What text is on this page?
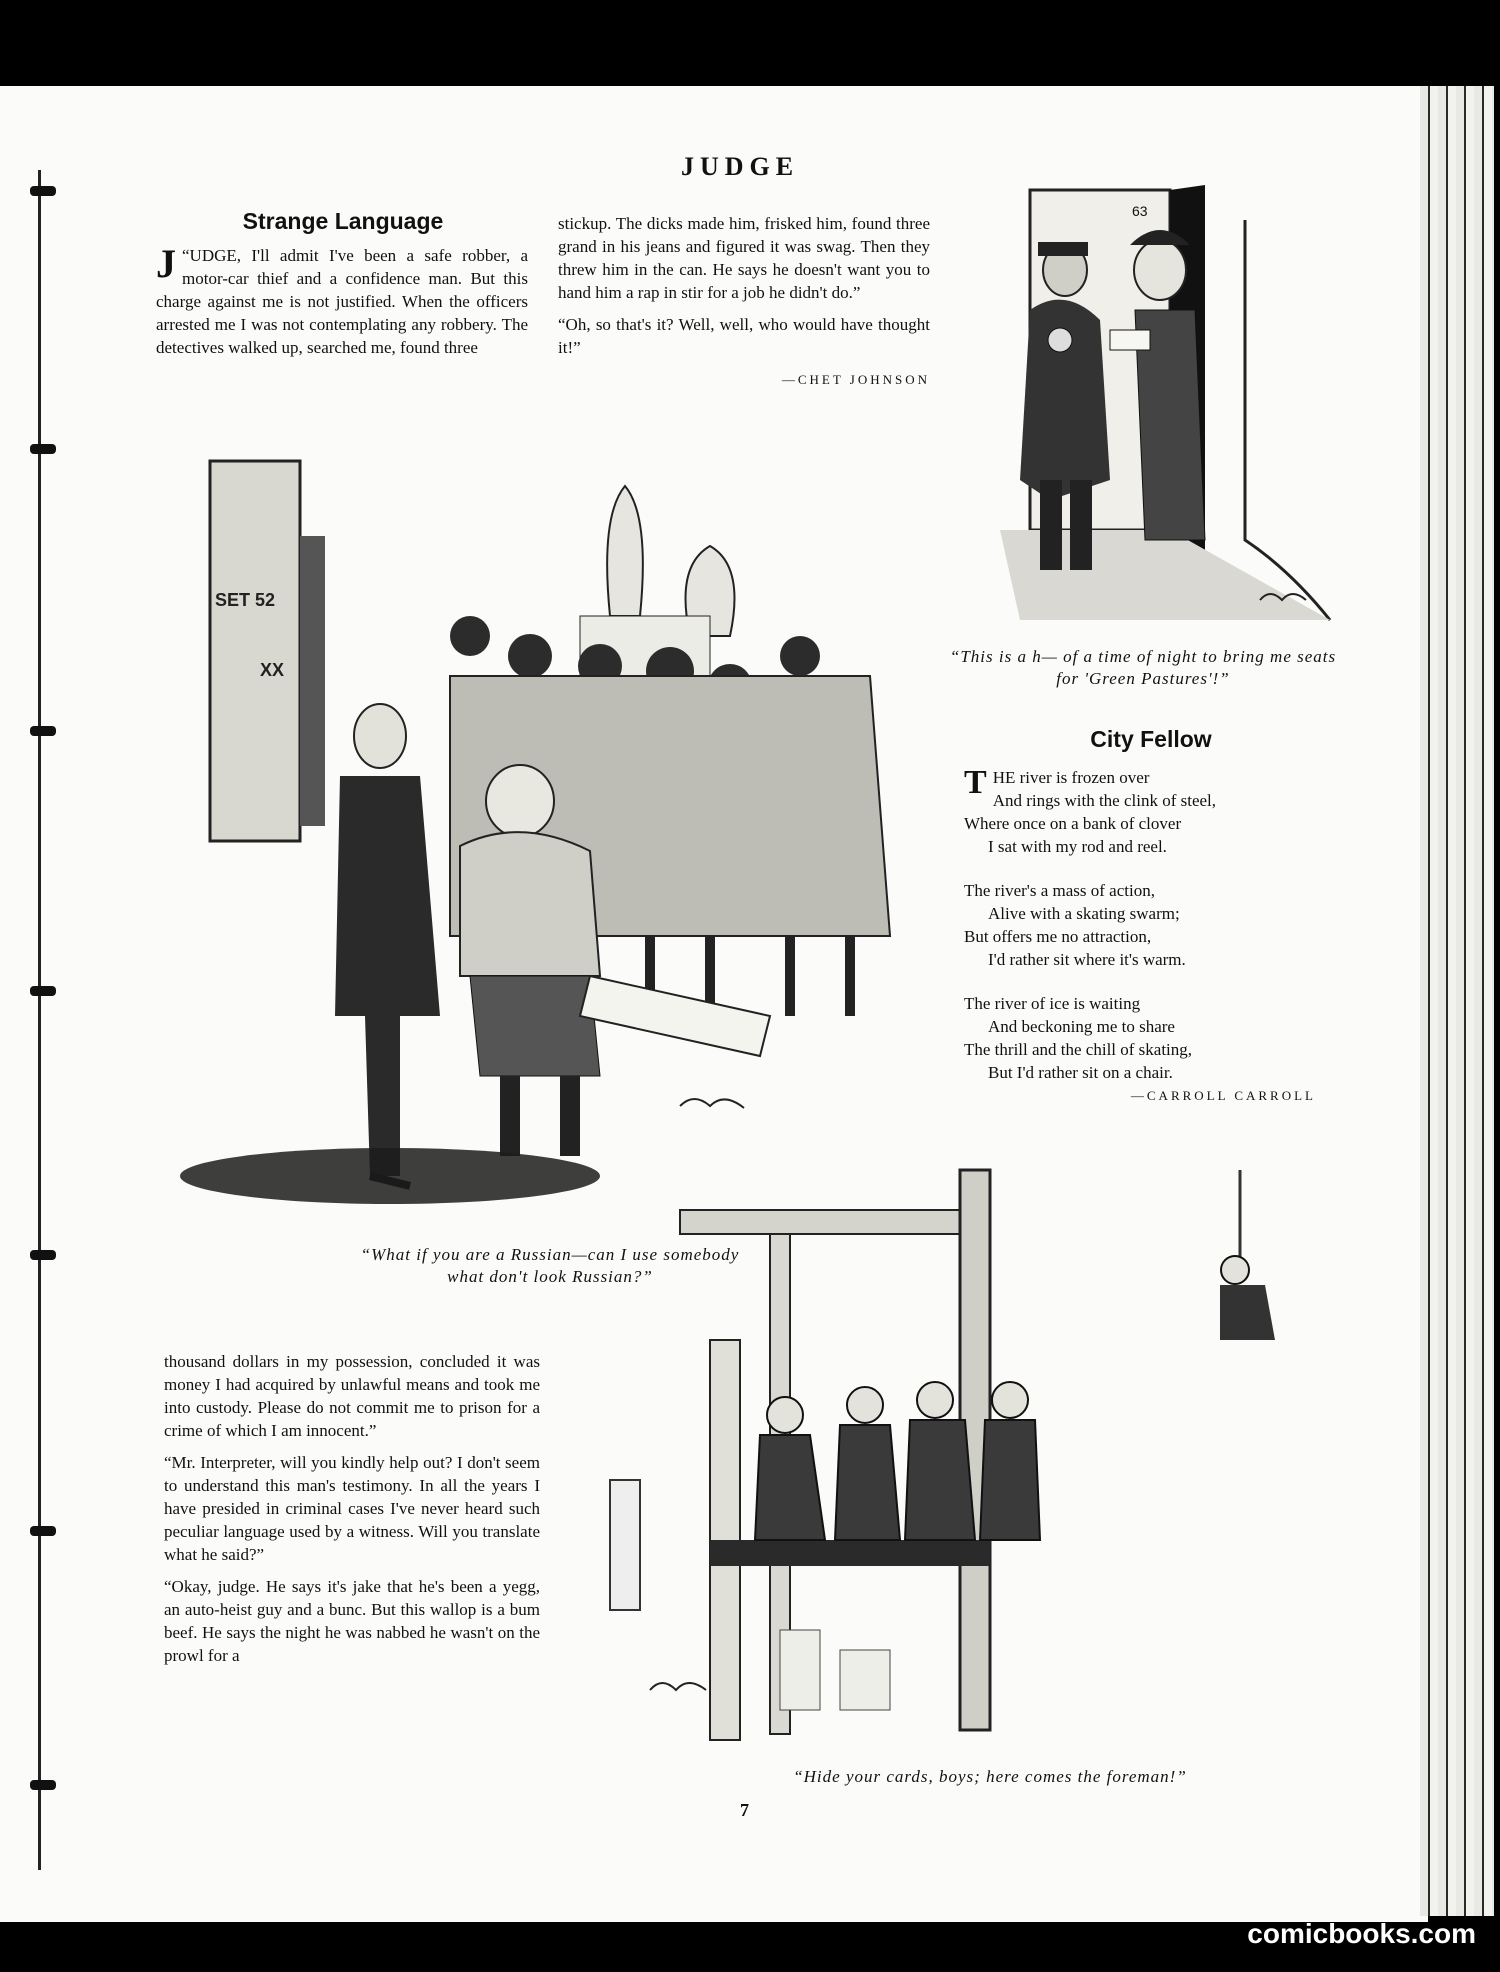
JUDGE
Strange Language

“
J UDGE, I'll admit I've been a safe robber, a motor-car thief and a confidence man. But this charge against me is not justified. When the officers arrested me I was not contemplating any robbery. The detectives walked up, searched me, found three

stickup. The dicks made him, frisked him, found three grand in his jeans and figured it was swag. Then they threw him in the can. He says he doesn't want you to hand him a rap in stir for a job he didn't do.”

“Oh, so that's it? Well, well, who would have thought it!”

—CHET JOHNSON

thousand dollars in my possession, concluded it was money I had acquired by unlawful means and took me into custody. Please do not commit me to prison for a crime of which I am innocent.”

“Mr. Interpreter, will you kindly help out? I don't seem to understand this man's testimony. In all the years I have presided in criminal cases I've never heard such peculiar language used by a witness. Will you translate what he said?”

“Okay, judge. He says it's jake that he's been a yegg, an auto-heist guy and a bunc. But this wallop is a bum beef. He says the night he was nabbed he wasn't on the prowl for a

63
“This is a h— of a time of night to bring me seats for 'Green Pastures'!”
City Fellow
THE river is frozen over
And rings with the clink of steel,
Where once on a bank of clover
I sat with my rod and reel.
The river's a mass of action,
Alive with a skating swarm;
But offers me no attraction,
I'd rather sit where it's warm.
The river of ice is waiting
And beckoning me to share
The thrill and the chill of skating,
But I'd rather sit on a chair.
—CARROLL CARROLL
SET 52
XX
“What if you are a Russian—can I use somebody
what don't look Russian?”
“Hide your cards, boys; here comes the foreman!”
7
comicbooks.com
